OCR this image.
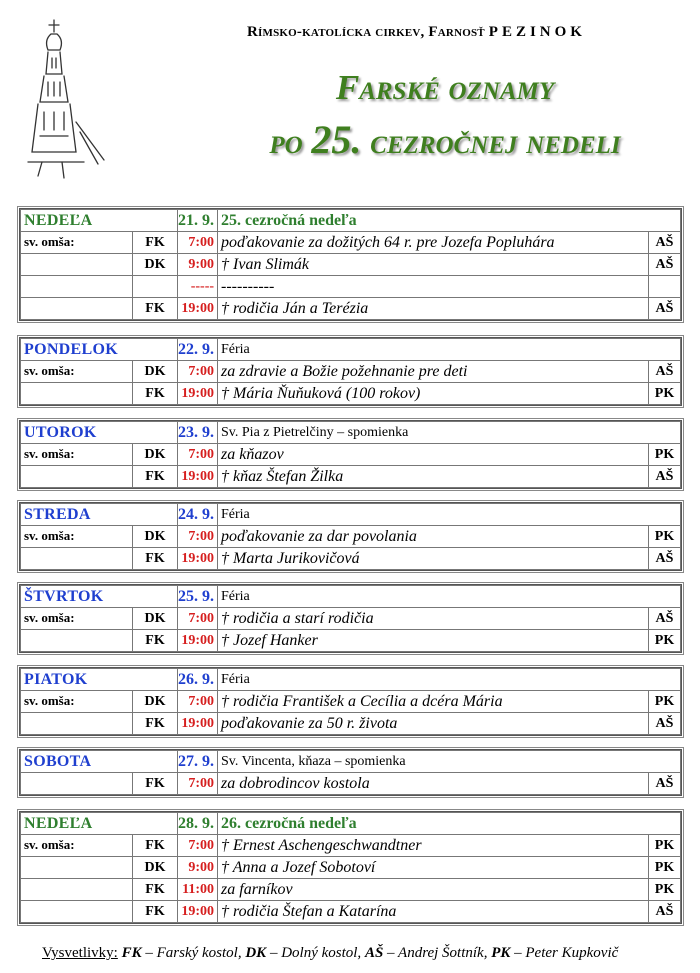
Rímsko-katolícka cirkev, Farnosť PEZINOK
Farské oznamy
po 25. cezročnej nedeli
NEDEĽA		21. 9.	25. cezročná nedeľa	
sv. omša:	FK	7:00	poďakovanie za dožitých 64 r. pre Jozefa Popluhára	AŠ
	DK	9:00	† Ivan Slimák	AŠ
		-----	----------	
	FK	19:00	† rodičia Ján a Terézia	AŠ
PONDELOK		22. 9.	Féria	
sv. omša:	DK	7:00	za zdravie a Božie požehnanie pre deti	AŠ
	FK	19:00	† Mária Ňuňuková (100 rokov)	PK
UTOROK		23. 9.	Sv. Pia z Pietrelčiny – spomienka	
sv. omša:	DK	7:00	za kňazov	PK
	FK	19:00	† kňaz Štefan Žilka	AŠ
STREDA		24. 9.	Féria	
sv. omša:	DK	7:00	poďakovanie za dar povolania	PK
	FK	19:00	† Marta Jurikovičová	AŠ
ŠTVRTOK		25. 9.	Féria	
sv. omša:	DK	7:00	† rodičia a starí rodičia	AŠ
	FK	19:00	† Jozef Hanker	PK
PIATOK		26. 9.	Féria	
sv. omša:	DK	7:00	† rodičia František a Cecília a dcéra Mária	PK
	FK	19:00	poďakovanie za 50 r. života	AŠ
SOBOTA		27. 9.	Sv. Vincenta, kňaza – spomienka	
	FK	7:00	za dobrodincov kostola	AŠ
NEDEĽA		28. 9.	26. cezročná nedeľa	
sv. omša:	FK	7:00	† Ernest Aschengeschwandtner	PK
	DK	9:00	† Anna a Jozef Sobotoví	PK
	FK	11:00	za farníkov	PK
	FK	19:00	† rodičia Štefan a Katarína	AŠ
Vysvetlivky: FK – Farský kostol, DK – Dolný kostol, AŠ – Andrej Šottník, PK – Peter Kupkovič
